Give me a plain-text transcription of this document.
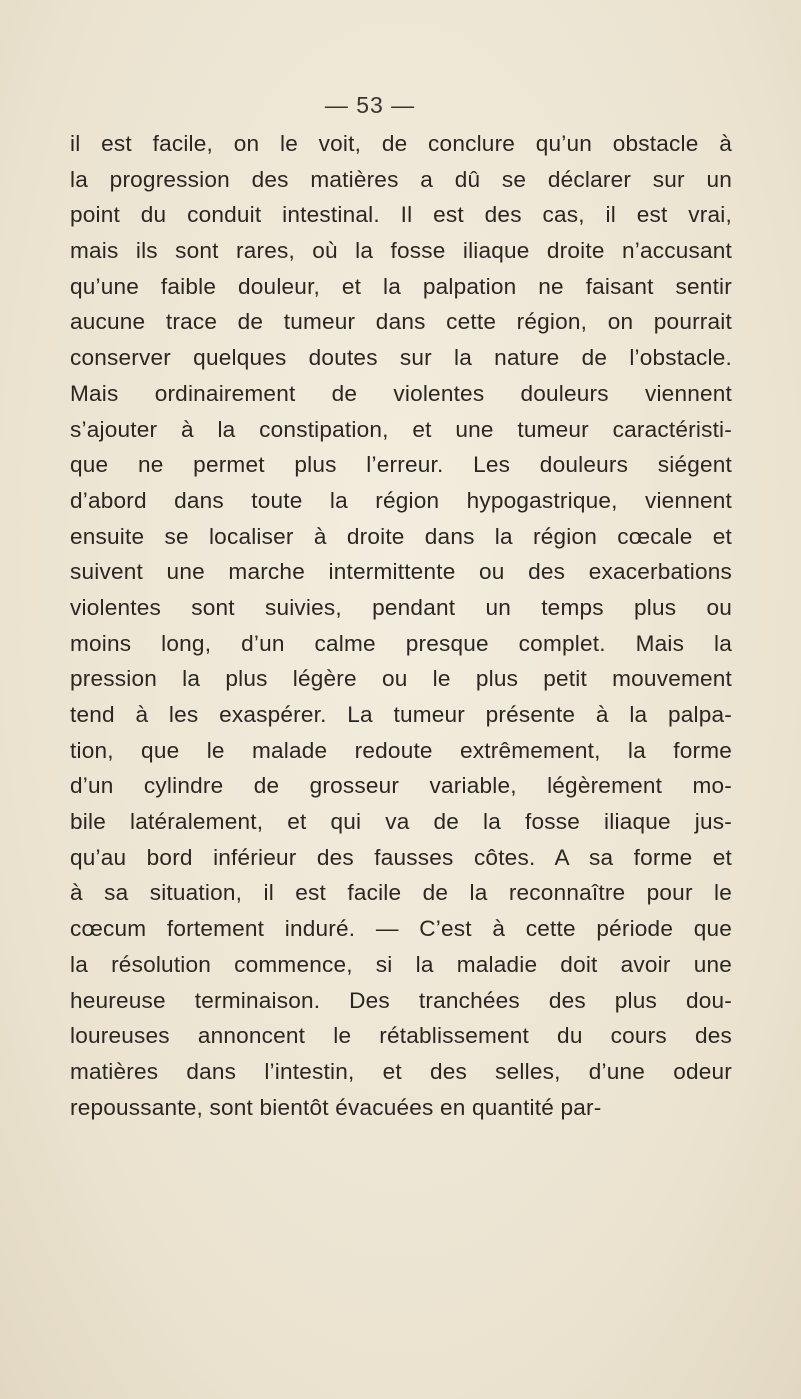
— 53 —
il est facile, on le voit, de conclure qu’un obstacle à
la progression des matières a dû se déclarer sur un
point du conduit intestinal. Il est des cas, il est vrai,
mais ils sont rares, où la fosse iliaque droite n’accusant
qu’une faible douleur, et la palpation ne faisant sentir
aucune trace de tumeur dans cette région, on pourrait
conserver quelques doutes sur la nature de l’obstacle.
Mais ordinairement de violentes douleurs viennent
s’ajouter à la constipation, et une tumeur caractéristi-
que ne permet plus l’erreur. Les douleurs siégent
d’abord dans toute la région hypogastrique, viennent
ensuite se localiser à droite dans la région cœcale et
suivent une marche intermittente ou des exacerbations
violentes sont suivies, pendant un temps plus ou
moins long, d’un calme presque complet. Mais la
pression la plus légère ou le plus petit mouvement
tend à les exaspérer. La tumeur présente à la palpa-
tion, que le malade redoute extrêmement, la forme
d’un cylindre de grosseur variable, légèrement mo-
bile latéralement, et qui va de la fosse iliaque jus-
qu’au bord inférieur des fausses côtes. A sa forme et
à sa situation, il est facile de la reconnaître pour le
cœcum fortement induré. — C’est à cette période que
la résolution commence, si la maladie doit avoir une
heureuse terminaison. Des tranchées des plus dou-
loureuses annoncent le rétablissement du cours des
matières dans l’intestin, et des selles, d’une odeur
repoussante, sont bientôt évacuées en quantité par-
